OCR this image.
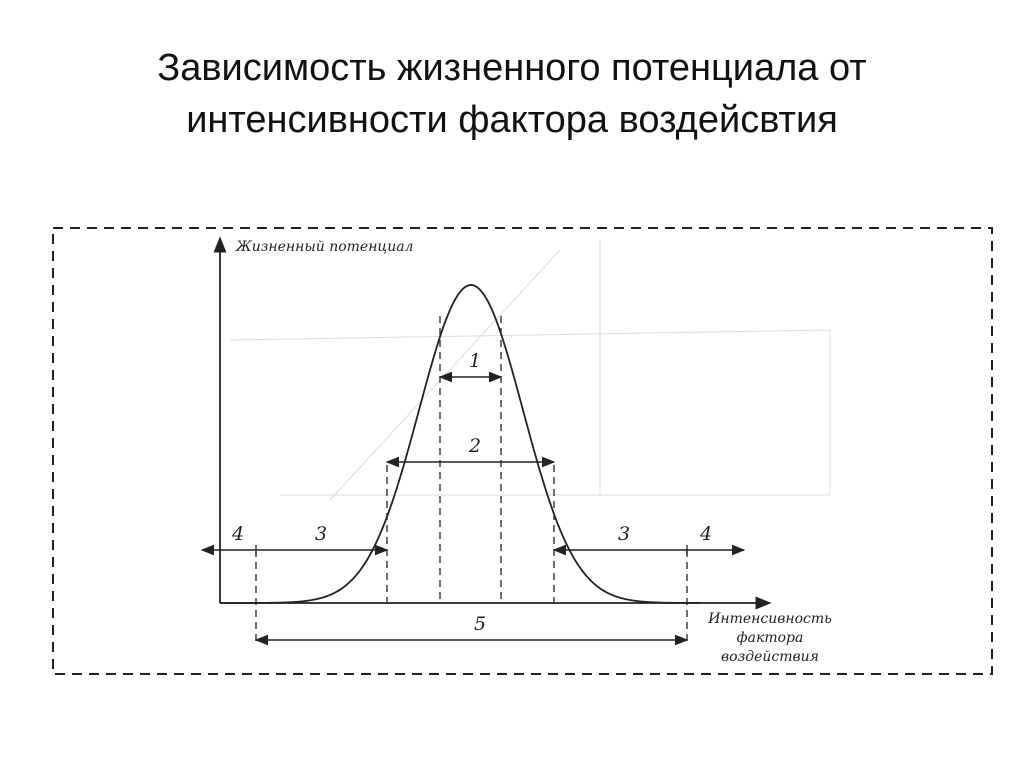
Зависимость жизненного потенциала от
интенсивности фактора воздейсвтия
Жизненный потенциал
Интенсивность
фактора
воздействия
1
2
4	3	3	4
5
